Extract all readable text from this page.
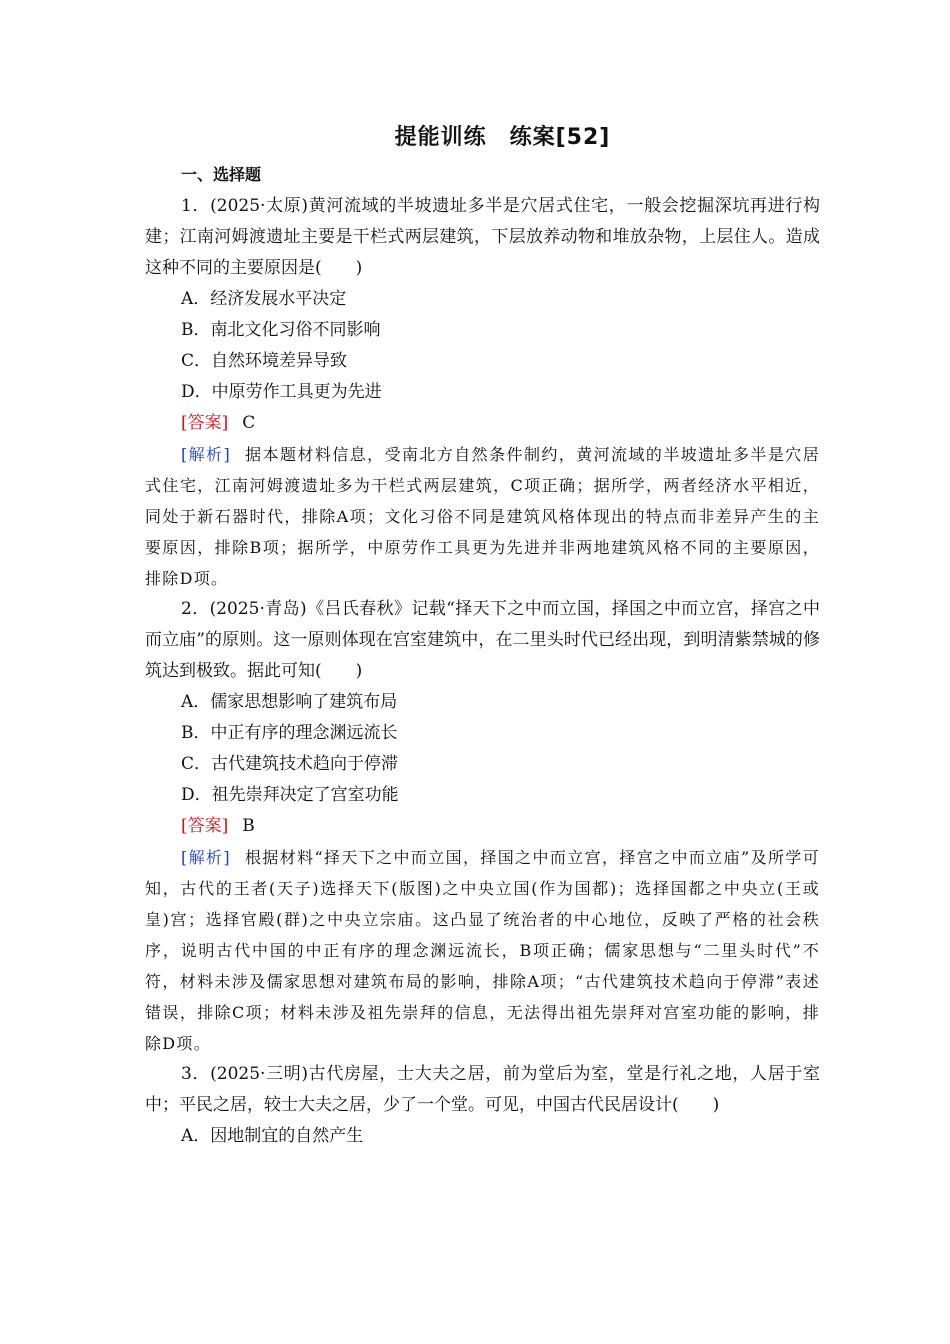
提能训练　练案[52]
一、选择题

1．(2025·太原)黄河流域的半坡遗址多半是穴居式住宅，一般会挖掘深坑再进行构建；江南河姆渡遗址主要是干栏式两层建筑，下层放养动物和堆放杂物，上层住人。造成这种不同的主要原因是(　　)

A．经济发展水平决定

B．南北文化习俗不同影响

C．自然环境差异导致

D．中原劳作工具更为先进

[答案] C

[解析] 据本题材料信息，受南北方自然条件制约，黄河流域的半坡遗址多半是穴居式住宅，江南河姆渡遗址多为干栏式两层建筑，C项正确；据所学，两者经济水平相近，同处于新石器时代，排除A项；文化习俗不同是建筑风格体现出的特点而非差异产生的主要原因，排除B项；据所学，中原劳作工具更为先进并非两地建筑风格不同的主要原因，排除D项。

2．(2025·青岛)《吕氏春秋》记载“择天下之中而立国，择国之中而立宫，择宫之中而立庙”的原则。这一原则体现在宫室建筑中，在二里头时代已经出现，到明清紫禁城的修筑达到极致。据此可知(　　)

A．儒家思想影响了建筑布局

B．中正有序的理念渊远流长

C．古代建筑技术趋向于停滞

D．祖先崇拜决定了宫室功能

[答案] B

[解析] 根据材料“择天下之中而立国，择国之中而立宫，择宫之中而立庙”及所学可知，古代的王者(天子)选择天下(版图)之中央立国(作为国都)；选择国都之中央立(王或皇)宫；选择官殿(群)之中央立宗庙。这凸显了统治者的中心地位，反映了严格的社会秩序，说明古代中国的中正有序的理念渊远流长，B项正确；儒家思想与“二里头时代”不符，材料未涉及儒家思想对建筑布局的影响，排除A项；“古代建筑技术趋向于停滞”表述错误，排除C项；材料未涉及祖先崇拜的信息，无法得出祖先崇拜对宫室功能的影响，排除D项。

3．(2025·三明)古代房屋，士大夫之居，前为堂后为室，堂是行礼之地，人居于室中；平民之居，较士大夫之居，少了一个堂。可见，中国古代民居设计(　　)

A．因地制宜的自然产生
